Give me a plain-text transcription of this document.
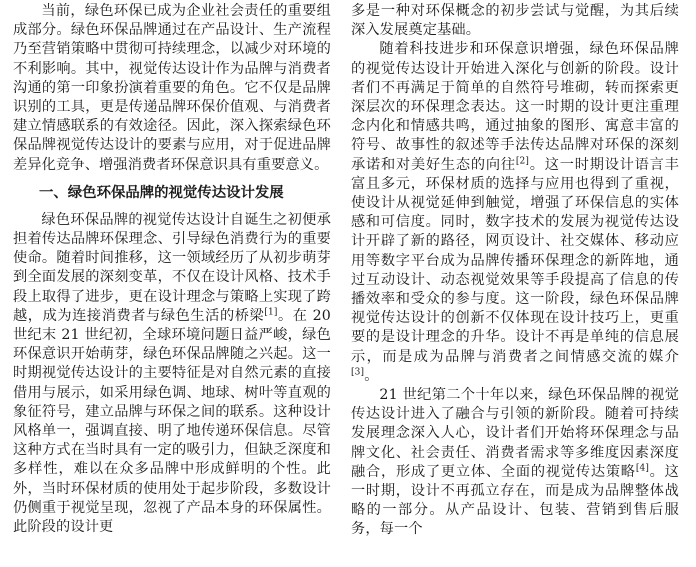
当前，绿色环保已成为企业社会责任的重要组成部分。绿色环保品牌通过在产品设计、生产流程乃至营销策略中贯彻可持续理念，以减少对环境的不利影响。其中，视觉传达设计作为品牌与消费者沟通的第一印象扮演着重要的角色。它不仅是品牌识别的工具，更是传递品牌环保价值观、与消费者建立情感联系的有效途径。因此，深入探索绿色环保品牌视觉传达设计的要素与应用，对于促进品牌差异化竞争、增强消费者环保意识具有重要意义。

一、绿色环保品牌的视觉传达设计发展

绿色环保品牌的视觉传达设计自诞生之初便承担着传达品牌环保理念、引导绿色消费行为的重要使命。随着时间推移，这一领域经历了从初步萌芽到全面发展的深刻变革，不仅在设计风格、技术手段上取得了进步，更在设计理念与策略上实现了跨越，成为连接消费者与绿色生活的桥梁[1]。在 20 世纪末 21 世纪初，全球环境问题日益严峻，绿色环保意识开始萌芽，绿色环保品牌随之兴起。这一时期视觉传达设计的主要特征是对自然元素的直接借用与展示，如采用绿色调、地球、树叶等直观的象征符号，建立品牌与环保之间的联系。这种设计风格单一，强调直接、明了地传递环保信息。尽管这种方式在当时具有一定的吸引力，但缺乏深度和多样性，难以在众多品牌中形成鲜明的个性。此外，当时环保材质的使用处于起步阶段，多数设计仍侧重于视觉呈现，忽视了产品本身的环保属性。此阶段的设计更

多是一种对环保概念的初步尝试与觉醒，为其后续深入发展奠定基础。

随着科技进步和环保意识增强，绿色环保品牌的视觉传达设计开始进入深化与创新的阶段。设计者们不再满足于简单的自然符号堆砌，转而探索更深层次的环保理念表达。这一时期的设计更注重理念内化和情感共鸣，通过抽象的图形、寓意丰富的符号、故事性的叙述等手法传达品牌对环保的深刻承诺和对美好生态的向往[2]。这一时期设计语言丰富且多元，环保材质的选择与应用也得到了重视，使设计从视觉延伸到触觉，增强了环保信息的实体感和可信度。同时，数字技术的发展为视觉传达设计开辟了新的路径，网页设计、社交媒体、移动应用等数字平台成为品牌传播环保理念的新阵地，通过互动设计、动态视觉效果等手段提高了信息的传播效率和受众的参与度。这一阶段，绿色环保品牌视觉传达设计的创新不仅体现在设计技巧上，更重要的是设计理念的升华。设计不再是单纯的信息展示，而是成为品牌与消费者之间情感交流的媒介[3]。

21 世纪第二个十年以来，绿色环保品牌的视觉传达设计进入了融合与引领的新阶段。随着可持续发展理念深入人心，设计者们开始将环保理念与品牌文化、社会责任、消费者需求等多维度因素深度融合，形成了更立体、全面的视觉传达策略[4]。这一时期，设计不再孤立存在，而是成为品牌整体战略的一部分。从产品设计、包装、营销到售后服务，每一个
